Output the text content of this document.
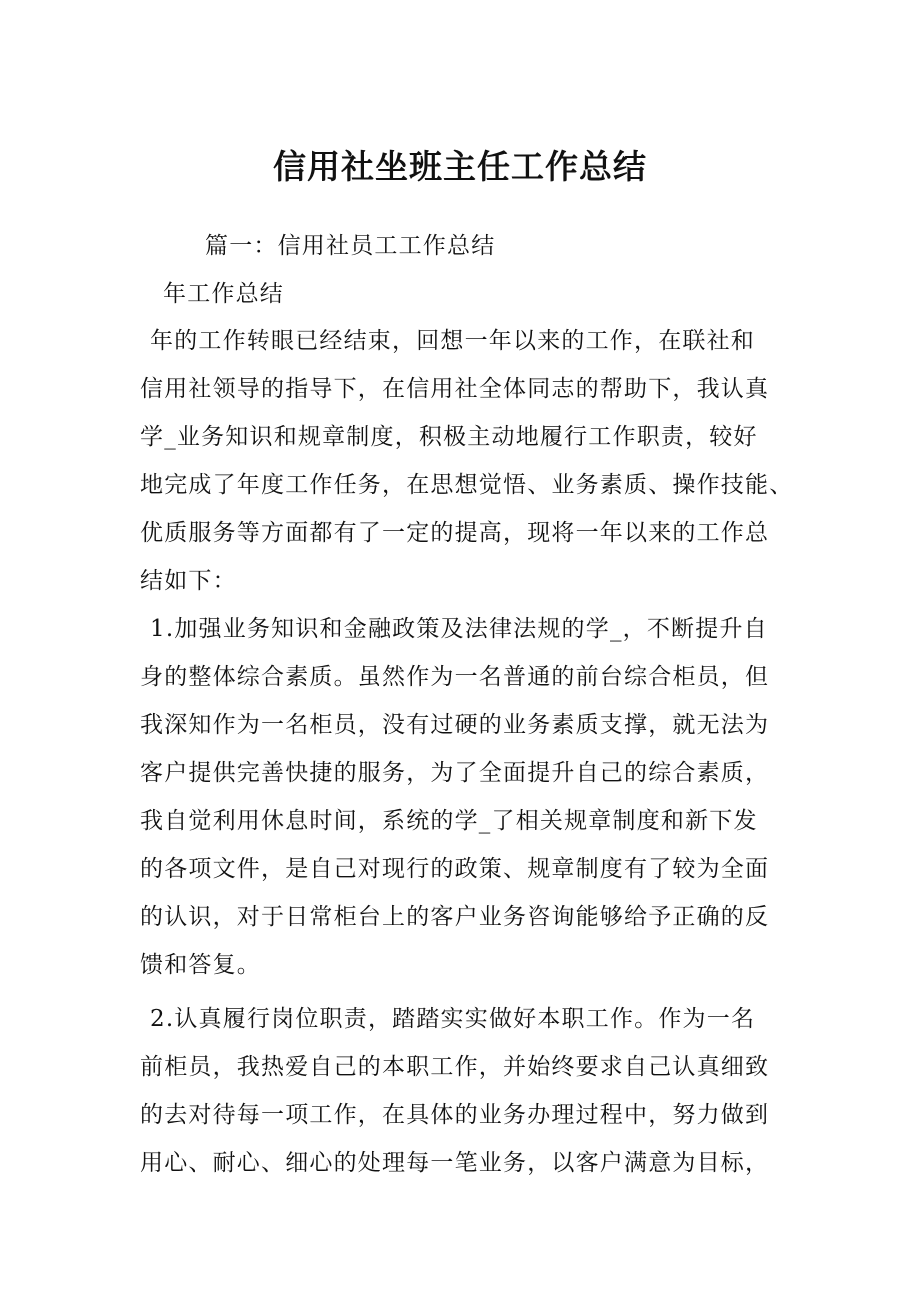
信用社坐班主任工作总结

篇一：信用社员工工作总结

年工作总结

年的工作转眼已经结束，回想一年以来的工作，在联社和

信用社领导的指导下，在信用社全体同志的帮助下，我认真

学_业务知识和规章制度，积极主动地履行工作职责，较好

地完成了年度工作任务，在思想觉悟、业务素质、操作技能、

优质服务等方面都有了一定的提高，现将一年以来的工作总

结如下：

1.加强业务知识和金融政策及法律法规的学_，不断提升自

身的整体综合素质。虽然作为一名普通的前台综合柜员，但

我深知作为一名柜员，没有过硬的业务素质支撑，就无法为

客户提供完善快捷的服务，为了全面提升自己的综合素质，

我自觉利用休息时间，系统的学_了相关规章制度和新下发

的各项文件，是自己对现行的政策、规章制度有了较为全面

的认识，对于日常柜台上的客户业务咨询能够给予正确的反

馈和答复。

2.认真履行岗位职责，踏踏实实做好本职工作。作为一名

前柜员，我热爱自己的本职工作，并始终要求自己认真细致

的去对待每一项工作，在具体的业务办理过程中，努力做到

用心、耐心、细心的处理每一笔业务，以客户满意为目标，
